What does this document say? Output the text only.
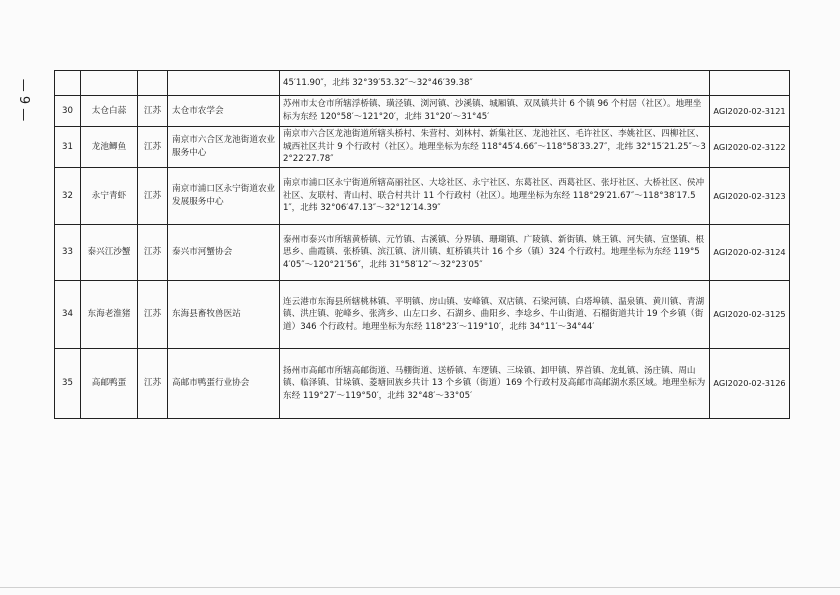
— 9 —
					45′11.90″，北纬 32°39′53.32″～32°46′39.38″	
30	太仓白蒜	江苏	太仓市农学会	苏州市太仓市所辖浮桥镇、璜泾镇、浏河镇、沙溪镇、城厢镇、双凤镇共计 6 个镇 96 个村居（社区）。地理坐标为东经 120°58′～121°20′，北纬 31°20′～31°45′	AGI2020-02-3121
31	龙池鲫鱼	江苏	南京市六合区龙池街道农业服务中心	南京市六合区龙池街道所辖头桥村、朱营村、刘林村、新集社区、龙池社区、毛许社区、李姚社区、四柳社区、城西社区共计 9 个行政村（社区）。地理坐标为东经 118°45′4.66″～118°58′33.27″，北纬 32°15′21.25″～32°22′27.78″	AGI2020-02-3122
32	永宁青虾	江苏	南京市浦口区永宁街道农业发展服务中心	南京市浦口区永宁街道所辖高丽社区、大埝社区、永宁社区、东葛社区、西葛社区、张圩社区、大桥社区、侯冲社区、友联村、青山村、联合村共计 11 个行政村（社区）。地理坐标为东经 118°29′21.67″～118°38′17.51″，北纬 32°06′47.13″～32°12′14.39″	AGI2020-02-3123
33	泰兴江沙蟹	江苏	泰兴市河蟹协会	泰州市泰兴市所辖黄桥镇、元竹镇、古溪镇、分界镇、珊瑚镇、广陵镇、新街镇、姚王镇、河失镇、宣堡镇、根思乡、曲霞镇、张桥镇、滨江镇、济川镇、虹桥镇共计 16 个乡（镇）324 个行政村。地理坐标为东经 119°54′05″～120°21′56″，北纬 31°58′12″～32°23′05″	AGI2020-02-3124
34	东海老淮猪	江苏	东海县畜牧兽医站	连云港市东海县所辖桃林镇、平明镇、房山镇、安峰镇、双店镇、石梁河镇、白塔埠镇、温泉镇、黄川镇、青湖镇、洪庄镇、驼峰乡、张湾乡、山左口乡、石湖乡、曲阳乡、李埝乡、牛山街道、石榴街道共计 19 个乡镇（街道）346 个行政村。地理坐标为东经 118°23′～119°10′，北纬 34°11′～34°44′	AGI2020-02-3125
35	高邮鸭蛋	江苏	高邮市鸭蛋行业协会	扬州市高邮市所辖高邮街道、马棚街道、送桥镇、车逻镇、三垛镇、卸甲镇、界首镇、龙虬镇、汤庄镇、周山镇、临泽镇、甘垛镇、菱塘回族乡共计 13 个乡镇（街道）169 个行政村及高邮市高邮湖水系区域。地理坐标为东经 119°27′～119°50′，北纬 32°48′～33°05′	AGI2020-02-3126
